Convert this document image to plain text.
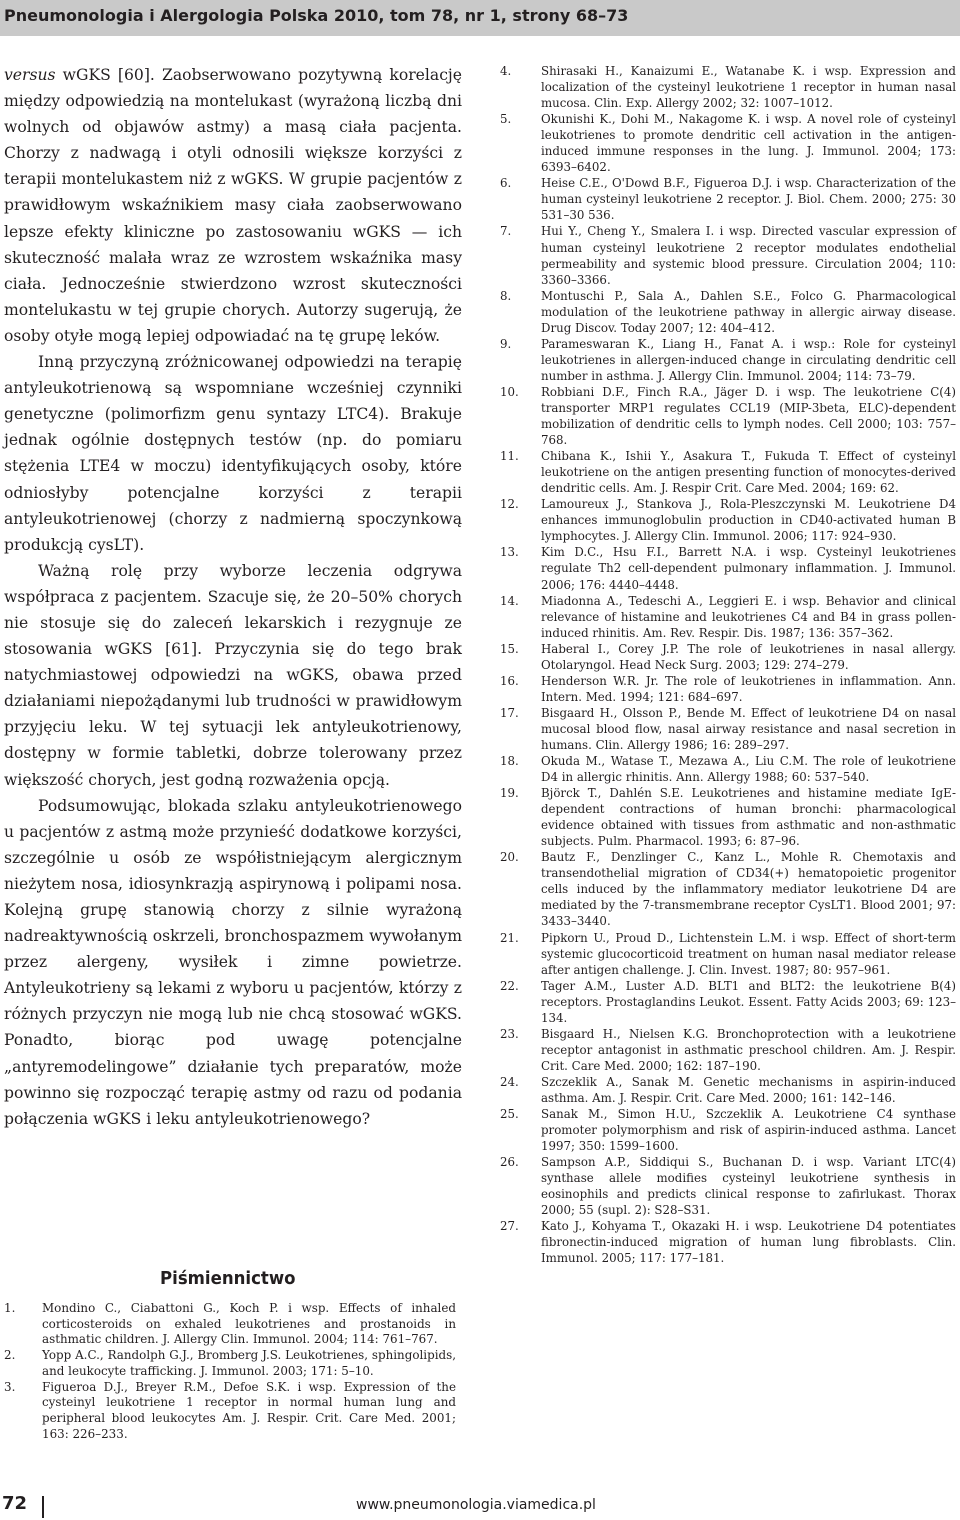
Pneumonologia i Alergologia Polska 2010, tom 78, nr 1, strony 68–73

versus wGKS [60]. Zaobserwowano pozytywną korelację między odpowiedzią na montelukast (wyrażoną liczbą dni wolnych od objawów astmy) a masą ciała pacjenta. Chorzy z nadwagą i otyli odnosili większe korzyści z terapii montelukastem niż z wGKS. W grupie pacjentów z prawidłowym wskaźnikiem masy ciała zaobserwowano lepsze efekty kliniczne po zastosowaniu wGKS — ich skuteczność malała wraz ze wzrostem wskaźnika masy ciała. Jednocześnie stwierdzono wzrost skuteczności montelukastu w tej grupie chorych. Autorzy sugerują, że osoby otyłe mogą lepiej odpowiadać na tę grupę leków.

Inną przyczyną zróżnicowanej odpowiedzi na terapię antyleukotrienową są wspomniane wcześniej czynniki genetyczne (polimorfizm genu syntazy LTC4). Brakuje jednak ogólnie dostępnych testów (np. do pomiaru stężenia LTE4 w moczu) identyfikujących osoby, które odniosłyby potencjalne korzyści z terapii antyleukotrienowej (chorzy z nadmierną spoczynkową produkcją cysLT).

Ważną rolę przy wyborze leczenia odgrywa współpraca z pacjentem. Szacuje się, że 20–50% chorych nie stosuje się do zaleceń lekarskich i rezygnuje ze stosowania wGKS [61]. Przyczynia się do tego brak natychmiastowej odpowiedzi na wGKS, obawa przed działaniami niepożądanymi lub trudności w prawidłowym przyjęciu leku. W tej sytuacji lek antyleukotrienowy, dostępny w formie tabletki, dobrze tolerowany przez większość chorych, jest godną rozważenia opcją.

Podsumowując, blokada szlaku antyleukotrienowego u pacjentów z astmą może przynieść dodatkowe korzyści, szczególnie u osób ze współistniejącym alergicznym nieżytem nosa, idiosynkrazją aspirynową i polipami nosa. Kolejną grupę stanowią chorzy z silnie wyrażoną nadreaktywnością oskrzeli, bronchospazmem wywołanym przez alergeny, wysiłek i zimne powietrze. Antyleukotrieny są lekami z wyboru u pacjentów, którzy z różnych przyczyn nie mogą lub nie chcą stosować wGKS. Ponadto, biorąc pod uwagę potencjalne „antyremodelingowe” działanie tych preparatów, może powinno się rozpocząć terapię astmy od razu od podania połączenia wGKS i leku antyleukotrienowego?

Piśmiennictwo
1.	Mondino C., Ciabattoni G., Koch P. i wsp. Effects of inhaled corticosteroids on exhaled leukotrienes and prostanoids in asthmatic children. J. Allergy Clin. Immunol. 2004; 114: 761–767.
2.	Yopp A.C., Randolph G.J., Bromberg J.S. Leukotrienes, sphingolipids, and leukocyte trafficking. J. Immunol. 2003; 171: 5–10.
3.	Figueroa D.J., Breyer R.M., Defoe S.K. i wsp. Expression of the cysteinyl leukotriene 1 receptor in normal human lung and peripheral blood leukocytes Am. J. Respir. Crit. Care Med. 2001; 163: 226–233.
4.	Shirasaki H., Kanaizumi E., Watanabe K. i wsp. Expression and localization of the cysteinyl leukotriene 1 receptor in human nasal mucosa. Clin. Exp. Allergy 2002; 32: 1007–1012.
5.	Okunishi K., Dohi M., Nakagome K. i wsp. A novel role of cysteinyl leukotrienes to promote dendritic cell activation in the antigen-induced immune responses in the lung. J. Immunol. 2004; 173: 6393–6402.
6.	Heise C.E., O'Dowd B.F., Figueroa D.J. i wsp. Characterization of the human cysteinyl leukotriene 2 receptor. J. Biol. Chem. 2000; 275: 30 531–30 536.
7.	Hui Y., Cheng Y., Smalera I. i wsp. Directed vascular expression of human cysteinyl leukotriene 2 receptor modulates endothelial permeability and systemic blood pressure. Circulation 2004; 110: 3360–3366.
8.	Montuschi P., Sala A., Dahlen S.E., Folco G. Pharmacological modulation of the leukotriene pathway in allergic airway disease. Drug Discov. Today 2007; 12: 404–412.
9.	Parameswaran K., Liang H., Fanat A. i wsp.: Role for cysteinyl leukotrienes in allergen-induced change in circulating dendritic cell number in asthma. J. Allergy Clin. Immunol. 2004; 114: 73–79.
10.	Robbiani D.F., Finch R.A., Jäger D. i wsp. The leukotriene C(4) transporter MRP1 regulates CCL19 (MIP-3beta, ELC)-dependent mobilization of dendritic cells to lymph nodes. Cell 2000; 103: 757–768.
11.	Chibana K., Ishii Y., Asakura T., Fukuda T. Effect of cysteinyl leukotriene on the antigen presenting function of monocytes-derived dendritic cells. Am. J. Respir Crit. Care Med. 2004; 169: 62.
12.	Lamoureux J., Stankova J., Rola-Pleszczynski M. Leukotriene D4 enhances immunoglobulin production in CD40-activated human B lymphocytes. J. Allergy Clin. Immunol. 2006; 117: 924–930.
13.	Kim D.C., Hsu F.I., Barrett N.A. i wsp. Cysteinyl leukotrienes regulate Th2 cell-dependent pulmonary inflammation. J. Immunol. 2006; 176: 4440–4448.
14.	Miadonna A., Tedeschi A., Leggieri E. i wsp. Behavior and clinical relevance of histamine and leukotrienes C4 and B4 in grass pollen-induced rhinitis. Am. Rev. Respir. Dis. 1987; 136: 357–362.
15.	Haberal I., Corey J.P. The role of leukotrienes in nasal allergy. Otolaryngol. Head Neck Surg. 2003; 129: 274–279.
16.	Henderson W.R. Jr. The role of leukotrienes in inflammation. Ann. Intern. Med. 1994; 121: 684–697.
17.	Bisgaard H., Olsson P., Bende M. Effect of leukotriene D4 on nasal mucosal blood flow, nasal airway resistance and nasal secretion in humans. Clin. Allergy 1986; 16: 289–297.
18.	Okuda M., Watase T., Mezawa A., Liu C.M. The role of leukotriene D4 in allergic rhinitis. Ann. Allergy 1988; 60: 537–540.
19.	Björck T., Dahlén S.E. Leukotrienes and histamine mediate IgE-dependent contractions of human bronchi: pharmacological evidence obtained with tissues from asthmatic and non-asthmatic subjects. Pulm. Pharmacol. 1993; 6: 87–96.
20.	Bautz F., Denzlinger C., Kanz L., Mohle R. Chemotaxis and transendothelial migration of CD34(+) hematopoietic progenitor cells induced by the inflammatory mediator leukotriene D4 are mediated by the 7-transmembrane receptor CysLT1. Blood 2001; 97: 3433–3440.
21.	Pipkorn U., Proud D., Lichtenstein L.M. i wsp. Effect of short-term systemic glucocorticoid treatment on human nasal mediator release after antigen challenge. J. Clin. Invest. 1987; 80: 957–961.
22.	Tager A.M., Luster A.D. BLT1 and BLT2: the leukotriene B(4) receptors. Prostaglandins Leukot. Essent. Fatty Acids 2003; 69: 123–134.
23.	Bisgaard H., Nielsen K.G. Bronchoprotection with a leukotriene receptor antagonist in asthmatic preschool children. Am. J. Respir. Crit. Care Med. 2000; 162: 187–190.
24.	Szczeklik A., Sanak M. Genetic mechanisms in aspirin-induced asthma. Am. J. Respir. Crit. Care Med. 2000; 161: 142–146.
25.	Sanak M., Simon H.U., Szczeklik A. Leukotriene C4 synthase promoter polymorphism and risk of aspirin-induced asthma. Lancet 1997; 350: 1599–1600.
26.	Sampson A.P., Siddiqui S., Buchanan D. i wsp. Variant LTC(4) synthase allele modifies cysteinyl leukotriene synthesis in eosinophils and predicts clinical response to zafirlukast. Thorax 2000; 55 (supl. 2): S28–S31.
27.	Kato J., Kohyama T., Okazaki H. i wsp. Leukotriene D4 potentiates fibronectin-induced migration of human lung fibroblasts. Clin. Immunol. 2005; 117: 177–181.

72	www.pneumonologia.viamedica.pl
